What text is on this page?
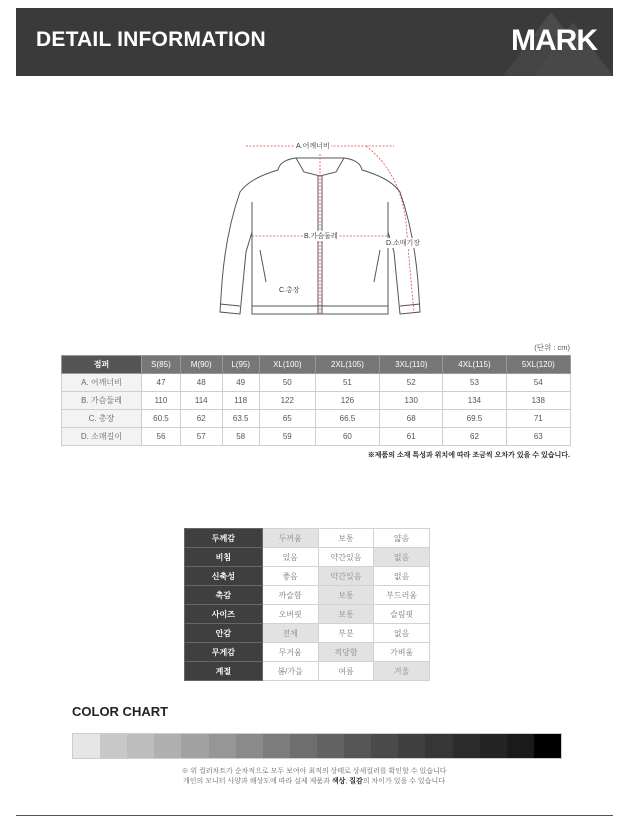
DETAIL INFORMATION	MARK
A.어깨너비
B.가슴둘레
C.총장
D.소매기장
(단위 : cm)
점퍼	S(85)	M(90)	L(95)	XL(100)	2XL(105)	3XL(110)	4XL(115)	5XL(120)
A. 어깨너비	47	48	49	50	51	52	53	54
B. 가슴둘레	110	114	118	122	126	130	134	138
C. 총장	60.5	62	63.5	65	66.5	68	69.5	71
D. 소매길이	56	57	58	59	60	61	62	63
※제품의 소재 특성과 위치에 따라 조금씩 오차가 있을 수 있습니다.
두께감	두꺼움	보통	얇음
비침	있음	약간있음	없음
신축성	좋음	약간있음	없음
촉감	까슬함	보통	부드러움
사이즈	오버핏	보통	슬림핏
안감	전체	부분	없음
무게감	무거움	적당함	가벼움
계절	봄/가을	여름	겨울
COLOR CHART
※ 위 컬러차트가 순차적으로 모두 보여야 최적의 상태로 상세컬러를 확인할 수 있습니다
개인의 모니터 사양과 해상도에 따라 실제 제품과 색상, 질감의 차이가 있을 수 있습니다
